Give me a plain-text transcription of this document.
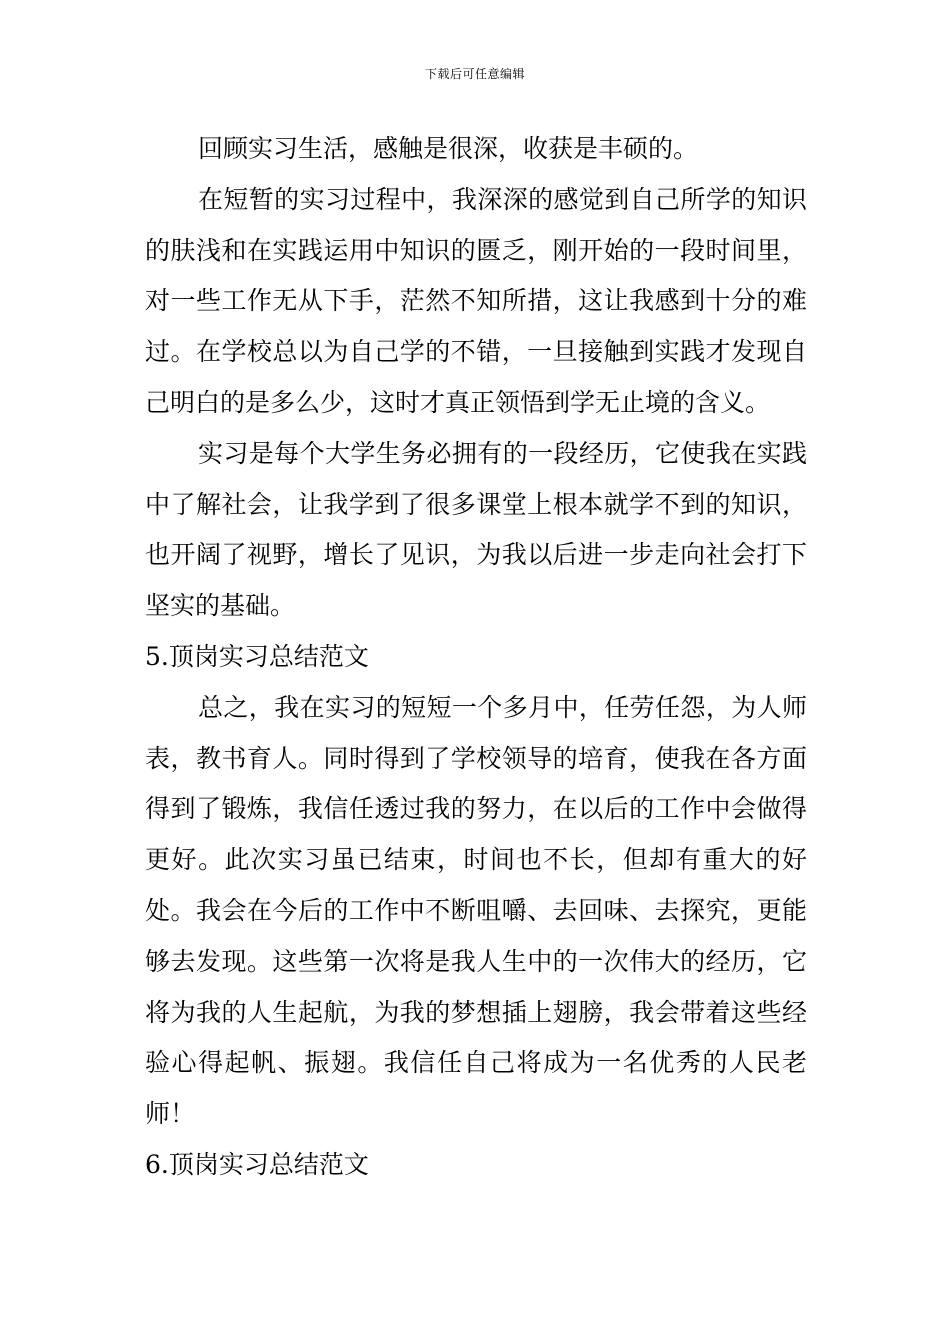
下载后可任意编辑

回顾实习生活，感触是很深，收获是丰硕的。

在短暂的实习过程中，我深深的感觉到自己所学的知识的肤浅和在实践运用中知识的匮乏，刚开始的一段时间里，对一些工作无从下手，茫然不知所措，这让我感到十分的难过。在学校总以为自己学的不错，一旦接触到实践才发现自己明白的是多么少，这时才真正领悟到学无止境的含义。

实习是每个大学生务必拥有的一段经历，它使我在实践中了解社会，让我学到了很多课堂上根本就学不到的知识，也开阔了视野，增长了见识，为我以后进一步走向社会打下坚实的基础。

5.顶岗实习总结范文

总之，我在实习的短短一个多月中，任劳任怨，为人师表，教书育人。同时得到了学校领导的培育，使我在各方面得到了锻炼，我信任透过我的努力，在以后的工作中会做得更好。此次实习虽已结束，时间也不长，但却有重大的好处。我会在今后的工作中不断咀嚼、去回味、去探究，更能够去发现。这些第一次将是我人生中的一次伟大的经历，它将为我的人生起航，为我的梦想插上翅膀，我会带着这些经验心得起帆、振翅。我信任自己将成为一名优秀的人民老师！

6.顶岗实习总结范文
